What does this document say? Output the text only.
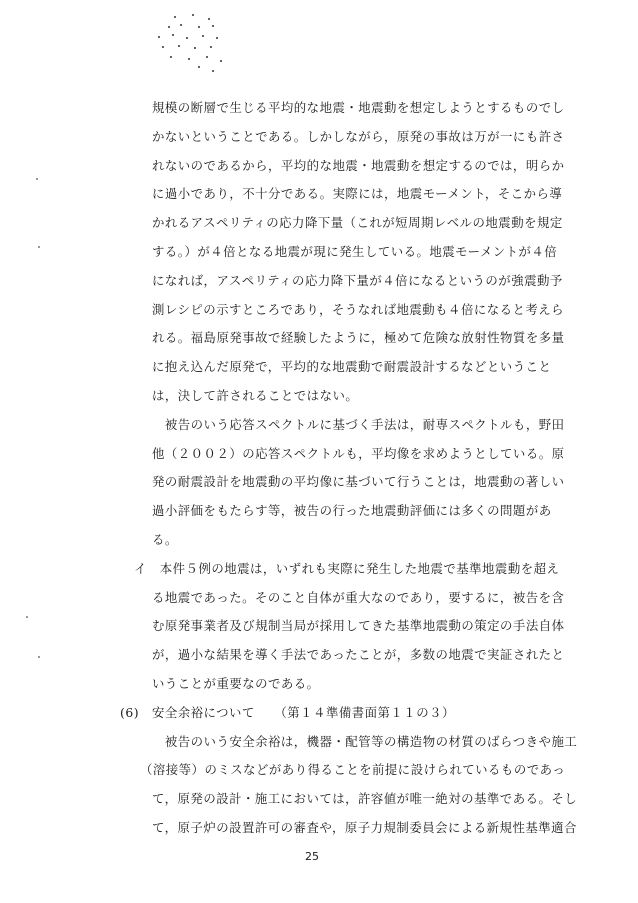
規模の断層で生じる平均的な地震・地震動を想定しようとするものでし
かないということである。しかしながら，原発の事故は万が一にも許さ
れないのであるから，平均的な地震・地震動を想定するのでは，明らか
に過小であり，不十分である。実際には，地震モーメント，そこから導
かれるアスペリティの応力降下量（これが短周期レベルの地震動を規定
する。）が４倍となる地震が現に発生している。地震モーメントが４倍
になれば，アスペリティの応力降下量が４倍になるというのが強震動予
測レシピの示すところであり，そうなれば地震動も４倍になると考えら
れる。福島原発事故で経験したように，極めて危険な放射性物質を多量
に抱え込んだ原発で，平均的な地震動で耐震設計するなどということ
は，決して許されることではない。
　被告のいう応答スペクトルに基づく手法は，耐専スペクトルも，野田
他（２００２）の応答スペクトルも，平均像を求めようとしている。原
発の耐震設計を地震動の平均像に基づいて行うことは，地震動の著しい
過小評価をもたらす等，被告の行った地震動評価には多くの問題があ
る。
イ　本件５例の地震は，いずれも実際に発生した地震で基準地震動を超え
る地震であった。そのこと自体が重大なのであり，要するに，被告を含
む原発事業者及び規制当局が採用してきた基準地震動の策定の手法自体
が，過小な結果を導く手法であったことが，多数の地震で実証されたと
いうことが重要なのである。
(6)　安全余裕について　　（第１４準備書面第１１の３）
　被告のいう安全余裕は，機器・配管等の構造物の材質のばらつきや施工
（溶接等）のミスなどがあり得ることを前提に設けられているものであっ
て，原発の設計・施工においては，許容値が唯一絶対の基準である。そし
て，原子炉の設置許可の審査や，原子力規制委員会による新規性基準適合
25
